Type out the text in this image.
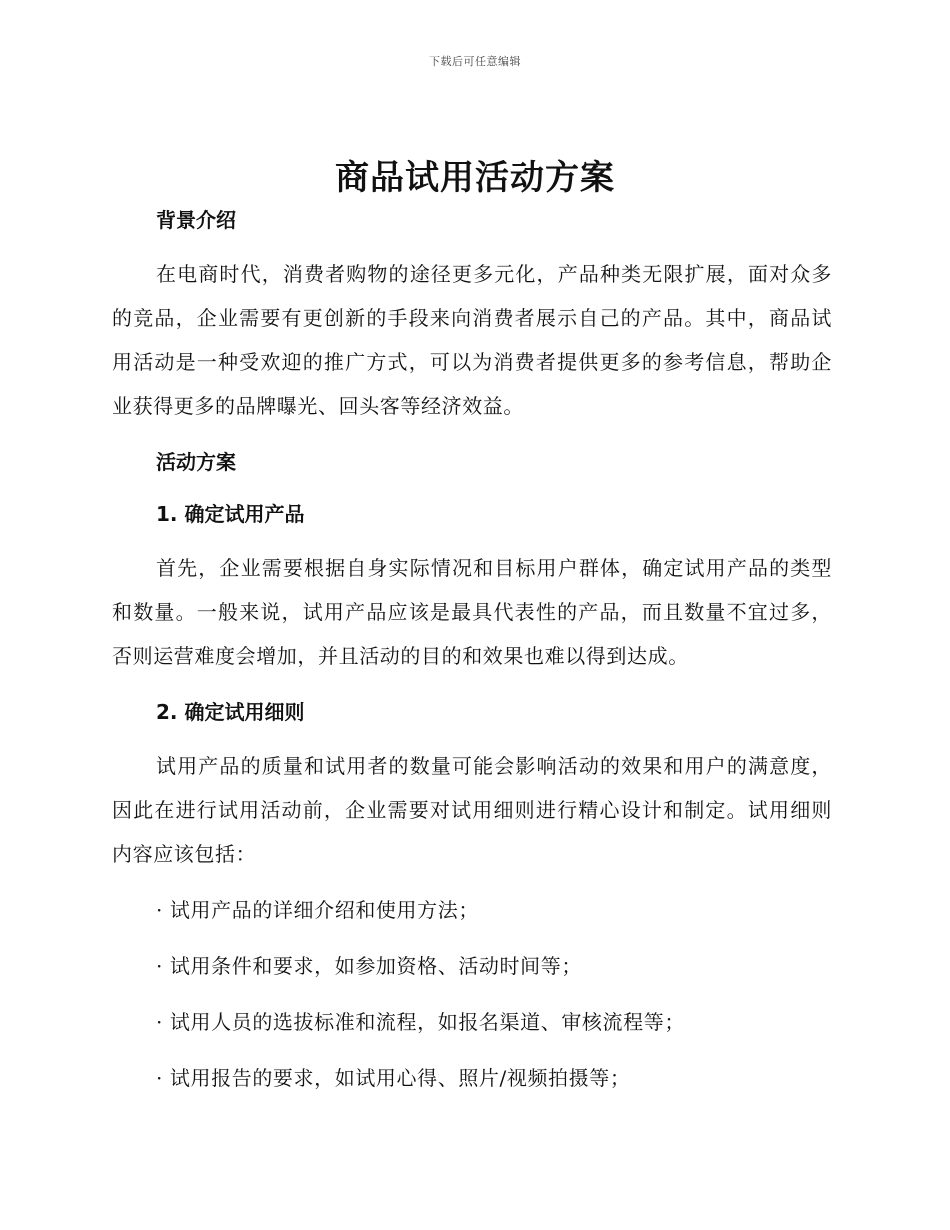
下载后可任意编辑
商品试用活动方案
背景介绍

在电商时代，消费者购物的途径更多元化，产品种类无限扩展，面对众多的竞品，企业需要有更创新的手段来向消费者展示自己的产品。其中，商品试用活动是一种受欢迎的推广方式，可以为消费者提供更多的参考信息，帮助企业获得更多的品牌曝光、回头客等经济效益。

活动方案
1. 确定试用产品

首先，企业需要根据自身实际情况和目标用户群体，确定试用产品的类型和数量。一般来说，试用产品应该是最具代表性的产品，而且数量不宜过多，否则运营难度会增加，并且活动的目的和效果也难以得到达成。

2. 确定试用细则

试用产品的质量和试用者的数量可能会影响活动的效果和用户的满意度，因此在进行试用活动前，企业需要对试用细则进行精心设计和制定。试用细则内容应该包括：

· 试用产品的详细介绍和使用方法；
· 试用条件和要求，如参加资格、活动时间等；
· 试用人员的选拔标准和流程，如报名渠道、审核流程等；
· 试用报告的要求，如试用心得、照片/视频拍摄等；
